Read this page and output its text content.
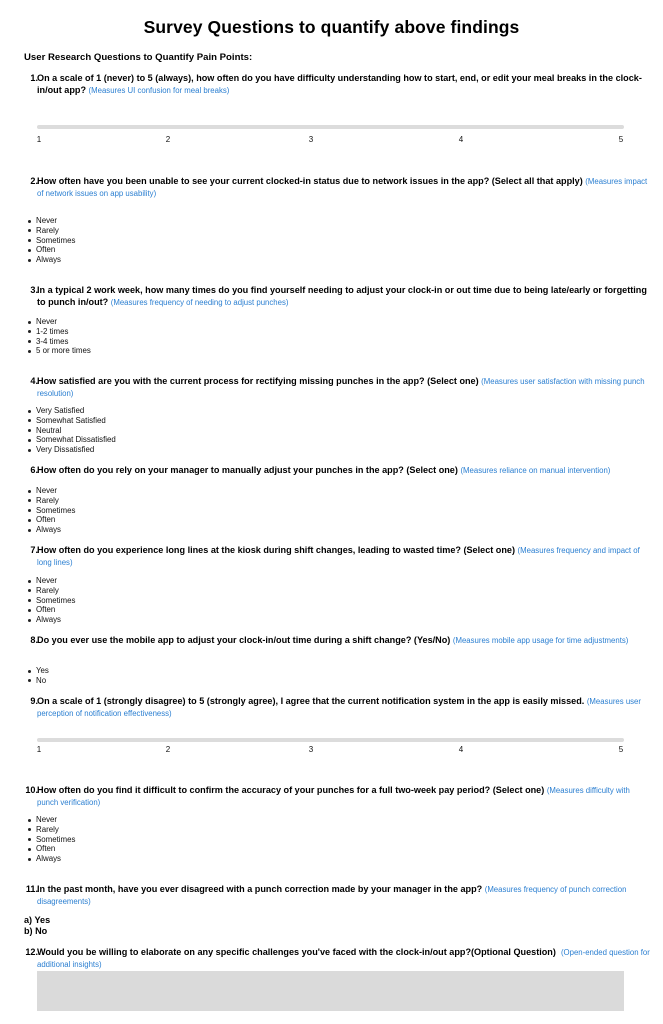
Survey Questions to quantify above findings
User Research Questions to Quantify Pain Points:
1. On a scale of 1 (never) to 5 (always), how often do you have difficulty understanding how to start, end, or edit your meal breaks in the clock-in/out app? (Measures UI confusion for meal breaks)
1	2	3	4	5
2. How often have you been unable to see your current clocked-in status due to network issues in the app? (Select all that apply) (Measures impact of network issues on app usability)
Never
Rarely
Sometimes
Often
Always
3. In a typical 2 work week, how many times do you find yourself needing to adjust your clock-in or out time due to being late/early or forgetting to punch in/out? (Measures frequency of needing to adjust punches)
Never
1-2 times
3-4 times
5 or more times
4. How satisfied are you with the current process for rectifying missing punches in the app? (Select one) (Measures user satisfaction with missing punch resolution)
Very Satisfied
Somewhat Satisfied
Neutral
Somewhat Dissatisfied
Very Dissatisfied
6. How often do you rely on your manager to manually adjust your punches in the app? (Select one) (Measures reliance on manual intervention)
Never
Rarely
Sometimes
Often
Always
7. How often do you experience long lines at the kiosk during shift changes, leading to wasted time? (Select one) (Measures frequency and impact of long lines)
Never
Rarely
Sometimes
Often
Always
8. Do you ever use the mobile app to adjust your clock-in/out time during a shift change? (Yes/No) (Measures mobile app usage for time adjustments)
Yes
No
9. On a scale of 1 (strongly disagree) to 5 (strongly agree), I agree that the current notification system in the app is easily missed. (Measures user perception of notification effectiveness)
1	2	3	4	5
10. How often do you find it difficult to confirm the accuracy of your punches for a full two-week pay period? (Select one) (Measures difficulty with punch verification)
Never
Rarely
Sometimes
Often
Always
11. In the past month, have you ever disagreed with a punch correction made by your manager in the app? (Measures frequency of punch correction disagreements)
a) Yes
b) No
12. Would you be willing to elaborate on any specific challenges you've faced with the clock-in/out app?(Optional Question) (Open-ended question for additional insights)
